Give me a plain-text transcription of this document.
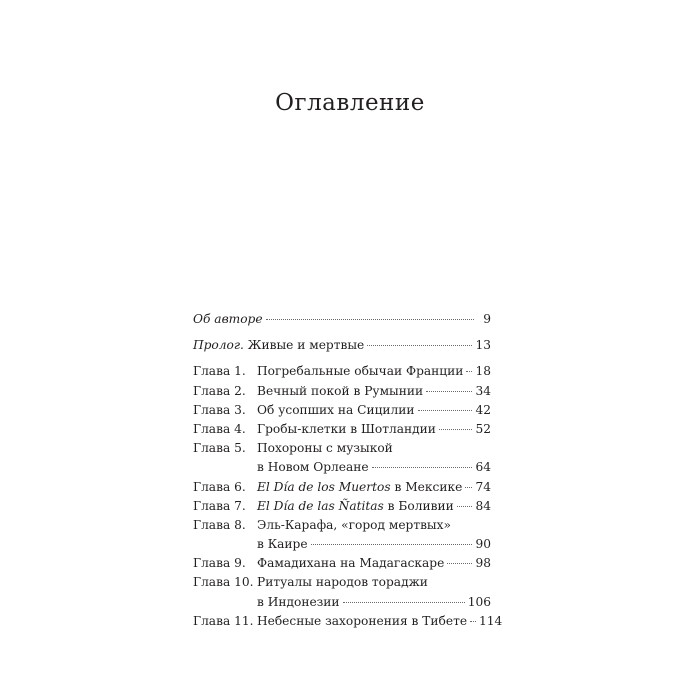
Оглавление
Об авторе	9
Пролог. Живые и мертвые	13
Глава 1. Погребальные обычаи Франции 18
Глава 2. Вечный покой в Румынии	34
Глава 3. Об усопших на Сицилии	42
Глава 4. Гробы-клетки в Шотландии	52
Глава 5. Похороны с музыкой
в Новом Орлеане	64
Глава 6. El Día de los Muertos в Мексике 74
Глава 7. El Día de las Ñatitas в Боливии 84
Глава 8. Эль-Карафа, «город мертвых»
в Каире	90
Глава 9. Фамадихана на Мадагаскаре	98
Глава 10. Ритуалы народов тораджи
в Индонезии	106
Глава 11. Небесные захоронения в Тибете 114
